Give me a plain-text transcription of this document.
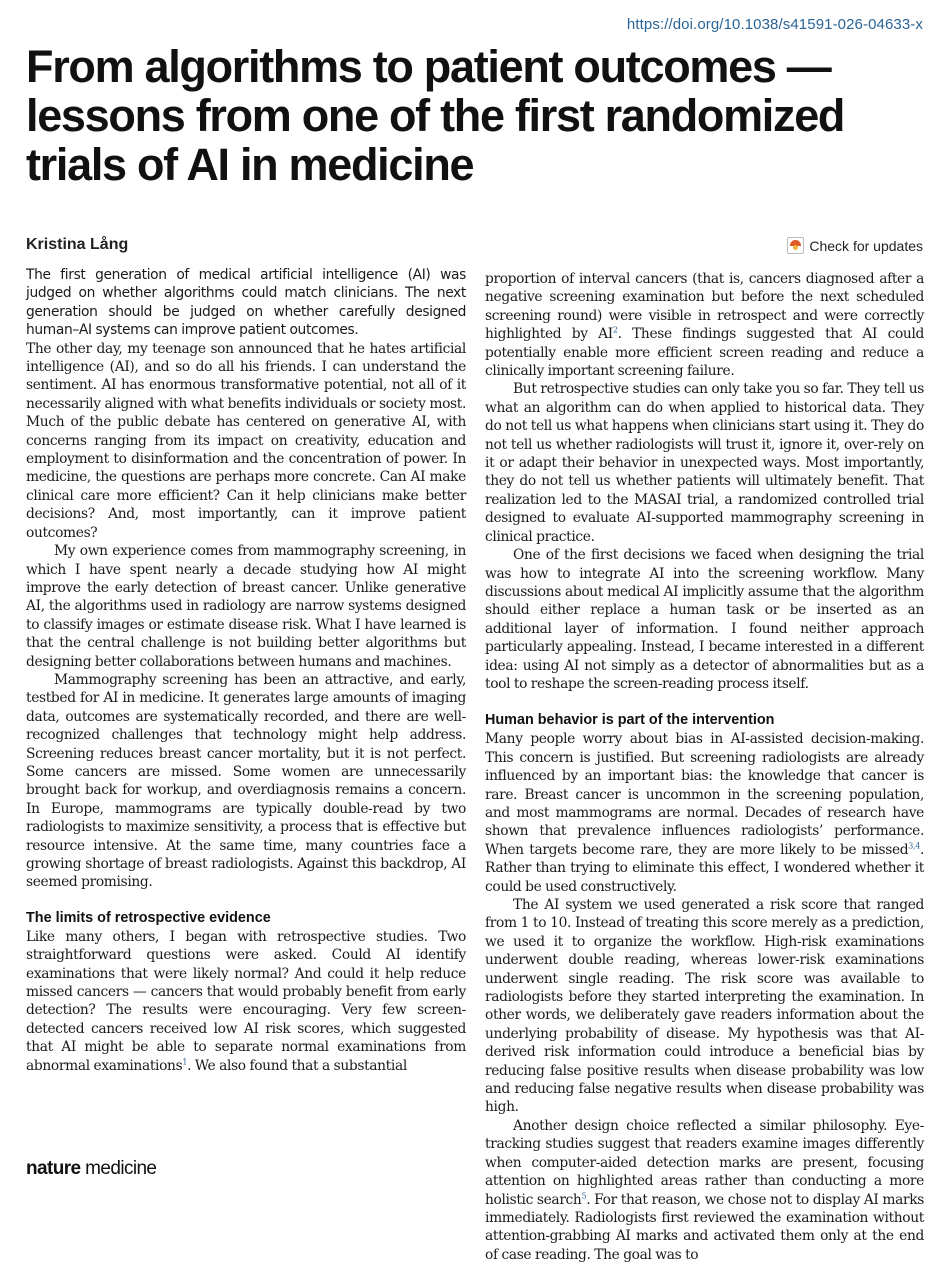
https://doi.org/10.1038/s41591-026-04633-x
From algorithms to patient outcomes — lessons from one of the first randomized trials of AI in medicine
Kristina Lång	Check for updates

The first generation of medical artificial intelligence (AI) was judged on whether algorithms could match clinicians. The next generation should be judged on whether carefully designed human–AI systems can improve patient outcomes.

The other day, my teenage son announced that he hates artificial intelligence (AI), and so do all his friends. I can understand the sentiment. AI has enormous transformative potential, not all of it necessarily aligned with what benefits individuals or society most. Much of the public debate has centered on generative AI, with concerns ranging from its impact on creativity, education and employment to disinformation and the concentration of power. In medicine, the questions are perhaps more concrete. Can AI make clinical care more efficient? Can it help clinicians make better decisions? And, most importantly, can it improve patient outcomes?

My own experience comes from mammography screening, in which I have spent nearly a decade studying how AI might improve the early detection of breast cancer. Unlike generative AI, the algorithms used in radiology are narrow systems designed to classify images or estimate disease risk. What I have learned is that the central challenge is not building better algorithms but designing better collaborations between humans and machines.

Mammography screening has been an attractive, and early, testbed for AI in medicine. It generates large amounts of imaging data, outcomes are systematically recorded, and there are well-recognized challenges that technology might help address. Screening reduces breast cancer mortality, but it is not perfect. Some cancers are missed. Some women are unnecessarily brought back for workup, and overdiagnosis remains a concern. In Europe, mammograms are typically double-read by two radiologists to maximize sensitivity, a process that is effective but resource intensive. At the same time, many countries face a growing shortage of breast radiologists. Against this backdrop, AI seemed promising.

The limits of retrospective evidence

Like many others, I began with retrospective studies. Two straightforward questions were asked. Could AI identify examinations that were likely normal? And could it help reduce missed cancers — cancers that would probably benefit from early detection? The results were encouraging. Very few screen-detected cancers received low AI risk scores, which suggested that AI might be able to separate normal examinations from abnormal examinations$^1$. We also found that a substantial

proportion of interval cancers (that is, cancers diagnosed after a negative screening examination but before the next scheduled screening round) were visible in retrospect and were correctly highlighted by $AI^2$. These findings suggested that AI could potentially enable more efficient screen reading and reduce a clinically important screening failure.

But retrospective studies can only take you so far. They tell us what an algorithm can do when applied to historical data. They do not tell us what happens when clinicians start using it. They do not tell us whether radiologists will trust it, ignore it, over-rely on it or adapt their behavior in unexpected ways. Most importantly, they do not tell us whether patients will ultimately benefit. That realization led to the MASAI trial, a randomized controlled trial designed to evaluate AI-supported mammography screening in clinical practice.

One of the first decisions we faced when designing the trial was how to integrate AI into the screening workflow. Many discussions about medical AI implicitly assume that the algorithm should either replace a human task or be inserted as an additional layer of information. I found neither approach particularly appealing. Instead, I became interested in a different idea: using AI not simply as a detector of abnormalities but as a tool to reshape the screen-reading process itself.

Human behavior is part of the intervention

Many people worry about bias in AI-assisted decision-making. This concern is justified. But screening radiologists are already influenced by an important bias: the knowledge that cancer is rare. Breast cancer is uncommon in the screening population, and most mammograms are normal. Decades of research have shown that prevalence influences radiologists’ performance. When targets become rare, they are more likely to be missed$^{3,4}$. Rather than trying to eliminate this effect, I wondered whether it could be used constructively.

The AI system we used generated a risk score that ranged from 1 to 10. Instead of treating this score merely as a prediction, we used it to organize the workflow. High-risk examinations underwent double reading, whereas lower-risk examinations underwent single reading. The risk score was available to radiologists before they started interpreting the examination. In other words, we deliberately gave readers information about the underlying probability of disease. My hypothesis was that AI-derived risk information could introduce a beneficial bias by reducing false positive results when disease probability was low and reducing false negative results when disease probability was high.

Another design choice reflected a similar philosophy. Eye-tracking studies suggest that readers examine images differently when computer-aided detection marks are present, focusing attention on highlighted areas rather than conducting a more holistic search$^5$. For that reason, we chose not to display AI marks immediately. Radiologists first reviewed the examination without attention-grabbing AI marks and activated them only at the end of case reading. The goal was to

nature medicine
